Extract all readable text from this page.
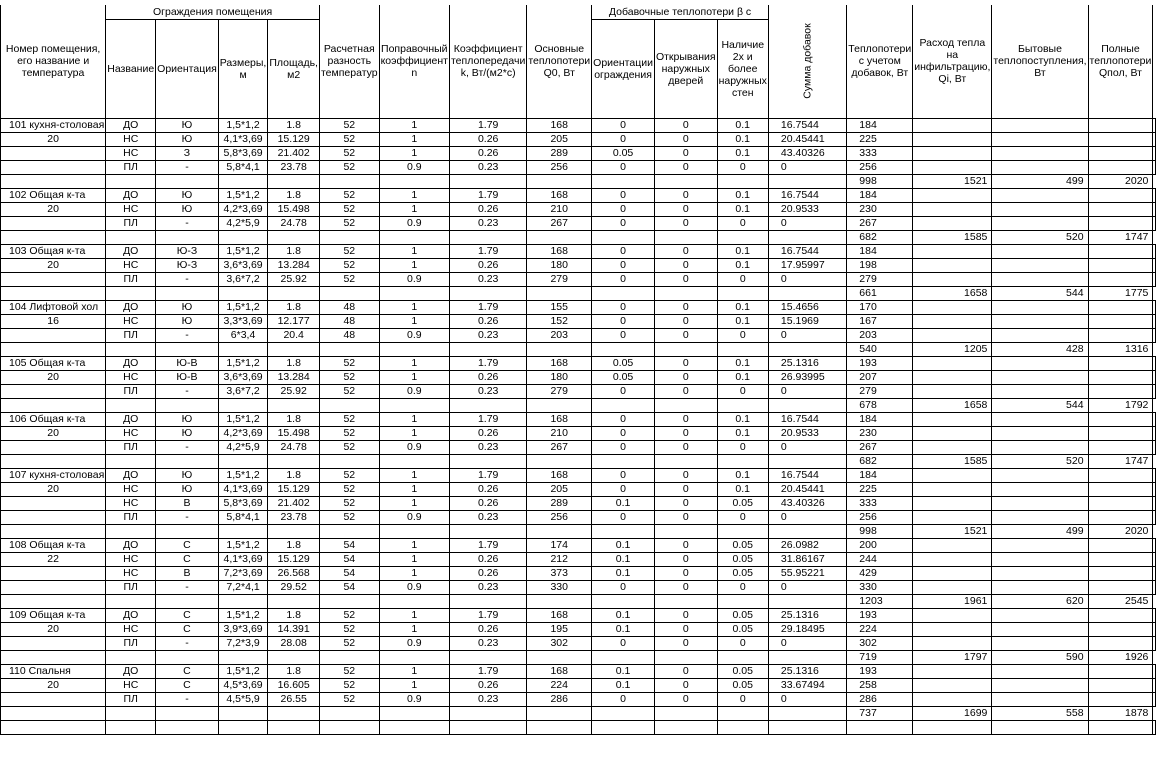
Номер помещения, его название и температура	Ограждения помещения				Расчетная разность температур	Поправочный коэффициент n	Коэффициент теплопередачи k, Вт/(м2*с)	Основные теплопотери Q0, Вт	Добавочные теплопотери β с			Сумма добавок	Теплопотери с учетом добавок, Вт	Расход тепла на инфильтрацию, Qi, Вт	Бытовые теплопоступления, Вт	Полные теплопотери Qпол, Вт	
	Название	Ориентация	Размеры, м	Площадь, м2					Ориентации ограждения	Открывания наружных дверей	Наличие 2х и более наружных стен						
101 кухня-столовая	ДО	Ю	1,5*1,2	1.8	52	1	1.79	168	0	0	0.1	16.7544	184				
20	НС	Ю	4,1*3,69	15.129	52	1	0.26	205	0	0	0.1	20.45441	225				
	НС	З	5,8*3,69	21.402	52	1	0.26	289	0.05	0	0.1	43.40326	333				
	ПЛ	-	5,8*4,1	23.78	52	0.9	0.23	256	0	0	0	0	256				
													998	1521	499	2020	
102 Общая к-та	ДО	Ю	1,5*1,2	1.8	52	1	1.79	168	0	0	0.1	16.7544	184				
20	НС	Ю	4,2*3,69	15.498	52	1	0.26	210	0	0	0.1	20.9533	230				
	ПЛ	-	4,2*5,9	24.78	52	0.9	0.23	267	0	0	0	0	267				
													682	1585	520	1747	
103 Общая к-та	ДО	Ю-З	1,5*1,2	1.8	52	1	1.79	168	0	0	0.1	16.7544	184				
20	НС	Ю-З	3,6*3,69	13.284	52	1	0.26	180	0	0	0.1	17.95997	198				
	ПЛ	-	3,6*7,2	25.92	52	0.9	0.23	279	0	0	0	0	279				
													661	1658	544	1775	
104 Лифтовой хол	ДО	Ю	1,5*1,2	1.8	48	1	1.79	155	0	0	0.1	15.4656	170				
16	НС	Ю	3,3*3,69	12.177	48	1	0.26	152	0	0	0.1	15.1969	167				
	ПЛ	-	6*3,4	20.4	48	0.9	0.23	203	0	0	0	0	203				
													540	1205	428	1316	
105 Общая к-та	ДО	Ю-В	1,5*1,2	1.8	52	1	1.79	168	0.05	0	0.1	25.1316	193				
20	НС	Ю-В	3,6*3,69	13.284	52	1	0.26	180	0.05	0	0.1	26.93995	207				
	ПЛ	-	3,6*7,2	25.92	52	0.9	0.23	279	0	0	0	0	279				
													678	1658	544	1792	
106 Общая к-та	ДО	Ю	1,5*1,2	1.8	52	1	1.79	168	0	0	0.1	16.7544	184				
20	НС	Ю	4,2*3,69	15.498	52	1	0.26	210	0	0	0.1	20.9533	230				
	ПЛ	-	4,2*5,9	24.78	52	0.9	0.23	267	0	0	0	0	267				
													682	1585	520	1747	
107 кухня-столовая	ДО	Ю	1,5*1,2	1.8	52	1	1.79	168	0	0	0.1	16.7544	184				
20	НС	Ю	4,1*3,69	15.129	52	1	0.26	205	0	0	0.1	20.45441	225				
	НС	В	5,8*3,69	21.402	52	1	0.26	289	0.1	0	0.05	43.40326	333				
	ПЛ	-	5,8*4,1	23.78	52	0.9	0.23	256	0	0	0	0	256				
													998	1521	499	2020	
108 Общая к-та	ДО	С	1,5*1,2	1.8	54	1	1.79	174	0.1	0	0.05	26.0982	200				
22	НС	С	4,1*3,69	15.129	54	1	0.26	212	0.1	0	0.05	31.86167	244				
	НС	В	7,2*3,69	26.568	54	1	0.26	373	0.1	0	0.05	55.95221	429				
	ПЛ	-	7,2*4,1	29.52	54	0.9	0.23	330	0	0	0	0	330				
													1203	1961	620	2545	
109 Общая к-та	ДО	С	1,5*1,2	1.8	52	1	1.79	168	0.1	0	0.05	25.1316	193				
20	НС	С	3,9*3,69	14.391	52	1	0.26	195	0.1	0	0.05	29.18495	224				
	ПЛ	-	7,2*3,9	28.08	52	0.9	0.23	302	0	0	0	0	302				
													719	1797	590	1926	
110 Спальня	ДО	С	1,5*1,2	1.8	52	1	1.79	168	0.1	0	0.05	25.1316	193				
20	НС	С	4,5*3,69	16.605	52	1	0.26	224	0.1	0	0.05	33.67494	258				
	ПЛ	-	4,5*5,9	26.55	52	0.9	0.23	286	0	0	0	0	286				
													737	1699	558	1878	
